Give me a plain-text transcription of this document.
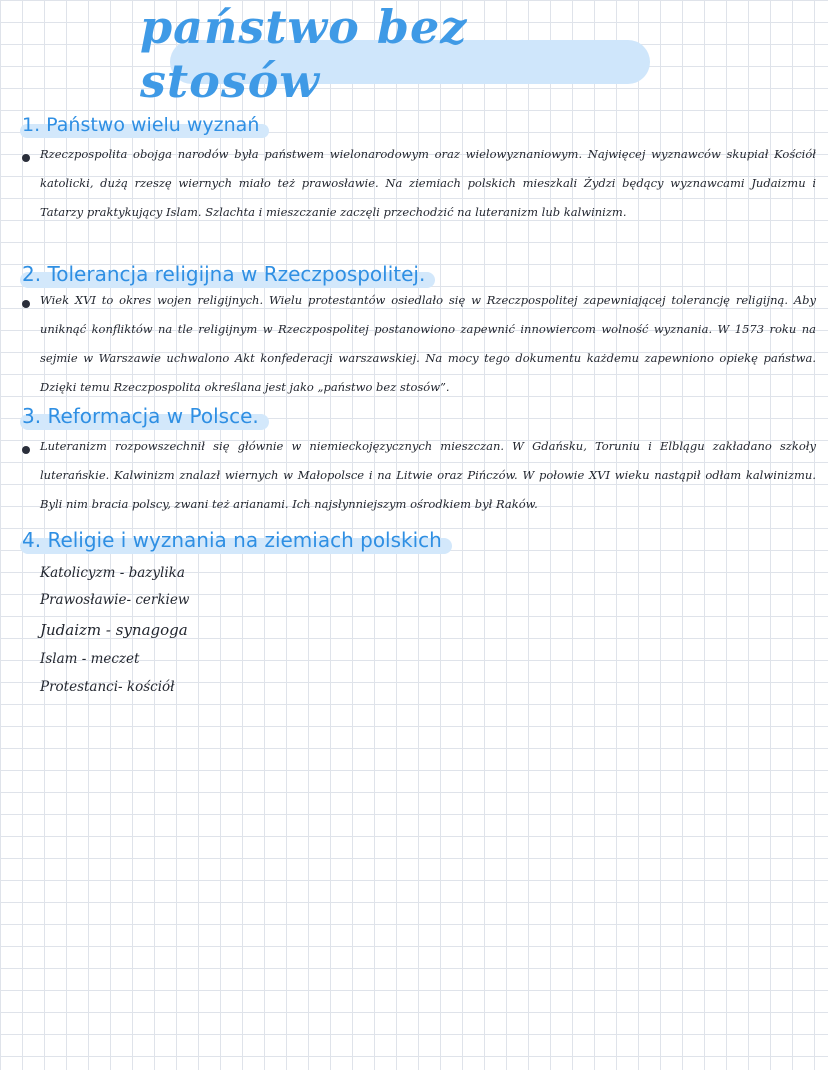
państwo bez stosów
1. Państwo wielu wyznań
Rzeczpospolita obojga narodów była państwem wielonarodowym oraz wielowyznaniowym. Najwięcej wyznawców skupiał Kościół katolicki, dużą rzeszę wiernych miało też prawosławie. Na ziemiach polskich mieszkali Żydzi będący wyznawcami Judaizmu i Tatarzy praktykujący Islam. Szlachta i mieszczanie zaczęli przechodzić na luteranizm lub kalwinizm.
2. Tolerancja religijna w Rzeczpospolitej.
Wiek XVI to okres wojen religijnych. Wielu protestantów osiedlało się w Rzeczpospolitej zapewniającej tolerancję religijną. Aby uniknąć konfliktów na tle religijnym w Rzeczpospolitej postanowiono zapewnić innowiercom wolność wyznania. W 1573 roku na sejmie w Warszawie uchwalono Akt konfederacji warszawskiej. Na mocy tego dokumentu każdemu zapewniono opiekę państwa. Dzięki temu Rzeczpospolita określana jest jako „państwo bez stosów”.
3. Reformacja w Polsce.
Luteranizm rozpowszechnił się głównie w niemieckojęzycznych mieszczan. W Gdańsku, Toruniu i Elblągu zakładano szkoły luterańskie. Kalwinizm znalazł wiernych w Małopolsce i na Litwie oraz Pińczów. W połowie XVI wieku nastąpił odłam kalwinizmu. Byli nim bracia polscy, zwani też arianami. Ich najsłynniejszym ośrodkiem był Raków.
4. Religie i wyznania na ziemiach polskich
Katolicyzm - bazylika
Prawosławie- cerkiew
Judaizm - synagoga
Islam - meczet
Protestanci- kościół
